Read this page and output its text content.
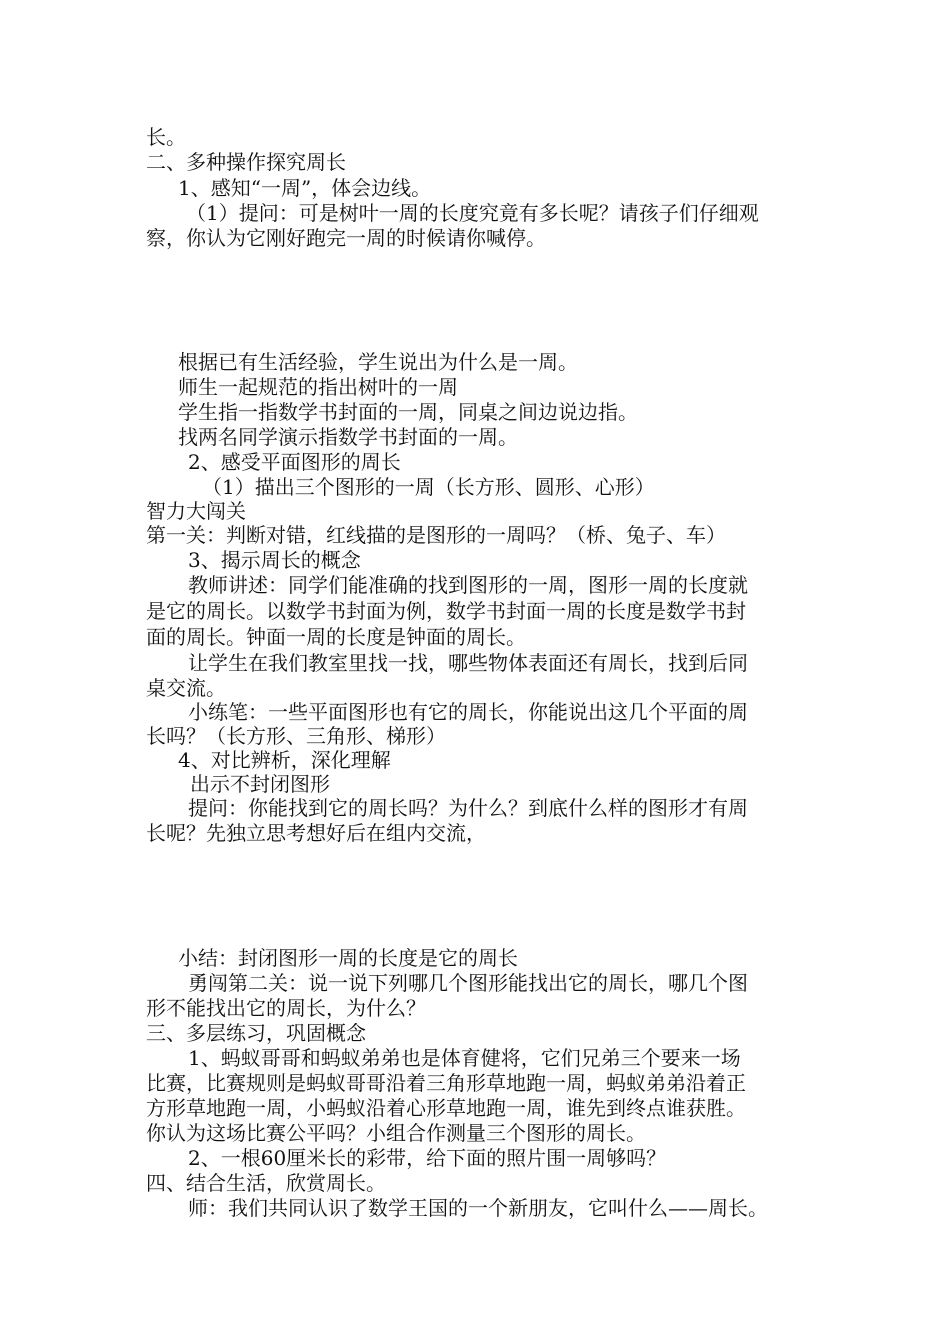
长。
二、多种操作探究周长
1、感知“一周”，体会边线。
（1）提问：可是树叶一周的长度究竟有多长呢？请孩子们仔细观
察，你认为它刚好跑完一周的时候请你喊停。
根据已有生活经验，学生说出为什么是一周。
师生一起规范的指出树叶的一周
学生指一指数学书封面的一周，同桌之间边说边指。
找两名同学演示指数学书封面的一周。
2、感受平面图形的周长
（1）描出三个图形的一周（长方形、圆形、心形）
智力大闯关
第一关：判断对错，红线描的是图形的一周吗？（桥、兔子、车）
3、揭示周长的概念
教师讲述：同学们能准确的找到图形的一周，图形一周的长度就
是它的周长。以数学书封面为例，数学书封面一周的长度是数学书封
面的周长。钟面一周的长度是钟面的周长。
让学生在我们教室里找一找，哪些物体表面还有周长，找到后同
桌交流。
小练笔：一些平面图形也有它的周长，你能说出这几个平面的周
长吗？（长方形、三角形、梯形）
4、对比辨析，深化理解
出示不封闭图形
提问：你能找到它的周长吗？为什么？到底什么样的图形才有周
长呢？先独立思考想好后在组内交流，
小结：封闭图形一周的长度是它的周长
勇闯第二关：说一说下列哪几个图形能找出它的周长，哪几个图
形不能找出它的周长，为什么？
三、多层练习，巩固概念
1、蚂蚁哥哥和蚂蚁弟弟也是体育健将，它们兄弟三个要来一场
比赛，比赛规则是蚂蚁哥哥沿着三角形草地跑一周，蚂蚁弟弟沿着正
方形草地跑一周，小蚂蚁沿着心形草地跑一周，谁先到终点谁获胜。
你认为这场比赛公平吗？小组合作测量三个图形的周长。
2、一根60厘米长的彩带，给下面的照片围一周够吗？
四、结合生活，欣赏周长。
师：我们共同认识了数学王国的一个新朋友，它叫什么——周长。
